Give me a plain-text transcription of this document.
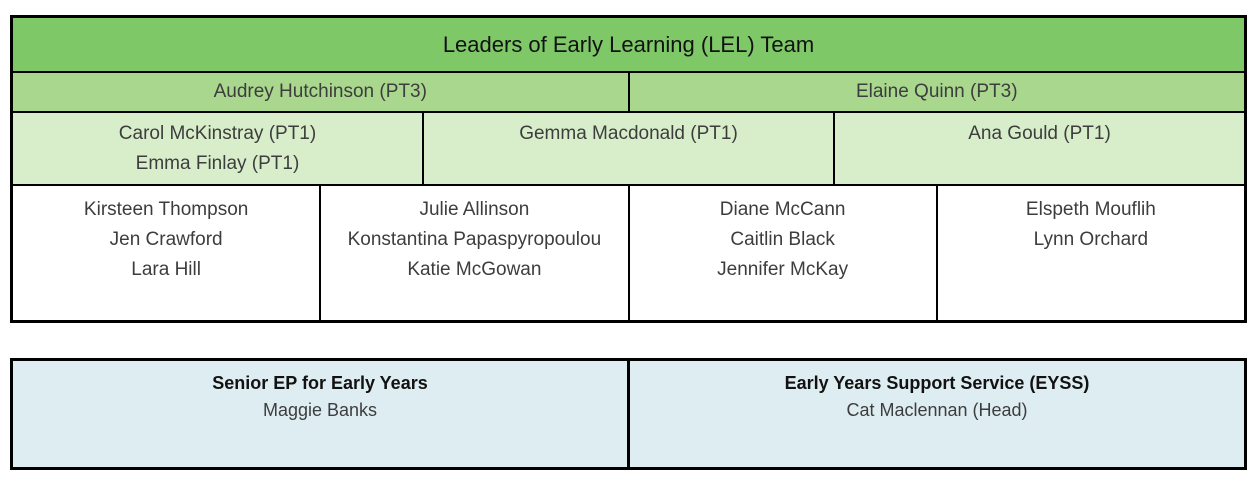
Leaders of Early Learning (LEL) Team
Audrey Hutchinson (PT3)	Elaine Quinn (PT3)
Carol McKinstray (PT1)
Emma Finlay (PT1)
Gemma Macdonald (PT1)	Ana Gould (PT1)
Kirsteen Thompson
Jen Crawford
Lara Hill
Julie Allinson
Konstantina Papaspyropoulou
Katie McGowan
Diane McCann
Caitlin Black
Jennifer McKay
Elspeth Mouflih
Lynn Orchard
Senior EP for Early Years
Maggie Banks
Early Years Support Service (EYSS)
Cat Maclennan (Head)
